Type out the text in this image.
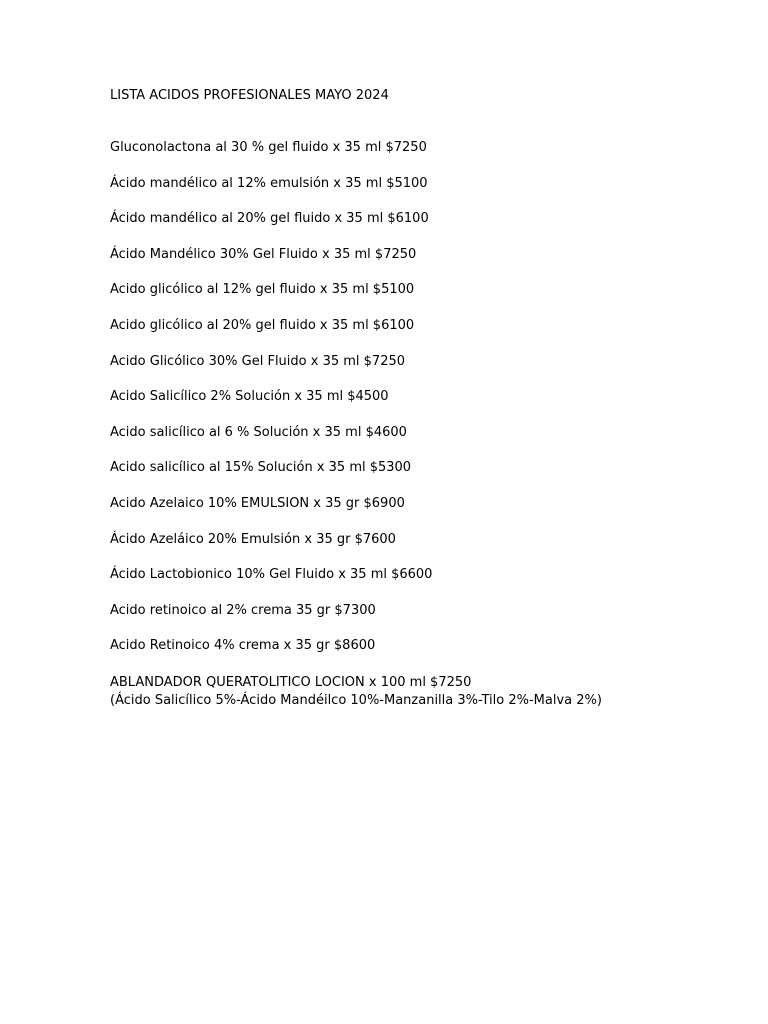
LISTA ACIDOS PROFESIONALES MAYO 2024
Gluconolactona al 30 % gel fluido x 35 ml $7250
Ácido mandélico al 12% emulsión x 35 ml $5100
Ácido mandélico al 20% gel fluido x 35 ml $6100
Ácido Mandélico 30% Gel Fluido x 35 ml $7250
Acido glicólico al 12% gel fluido x 35 ml $5100
Acido glicólico al 20% gel fluido x 35 ml $6100
Acido Glicólico 30% Gel Fluido x 35 ml $7250
Acido Salicílico 2% Solución x 35 ml $4500
Acido salicílico al 6 % Solución x 35 ml $4600
Acido salicílico al 15% Solución x 35 ml $5300
Acido Azelaico 10% EMULSION x 35 gr $6900
Ácido Azeláico 20% Emulsión x 35 gr $7600
Ácido Lactobionico 10% Gel Fluido x 35 ml $6600
Acido retinoico al 2% crema 35 gr $7300
Acido Retinoico 4% crema x 35 gr $8600
ABLANDADOR QUERATOLITICO LOCION x 100 ml $7250
(Ácido Salicílico 5%-Ácido Mandéilco 10%-Manzanilla 3%-Tilo 2%-Malva 2%)
